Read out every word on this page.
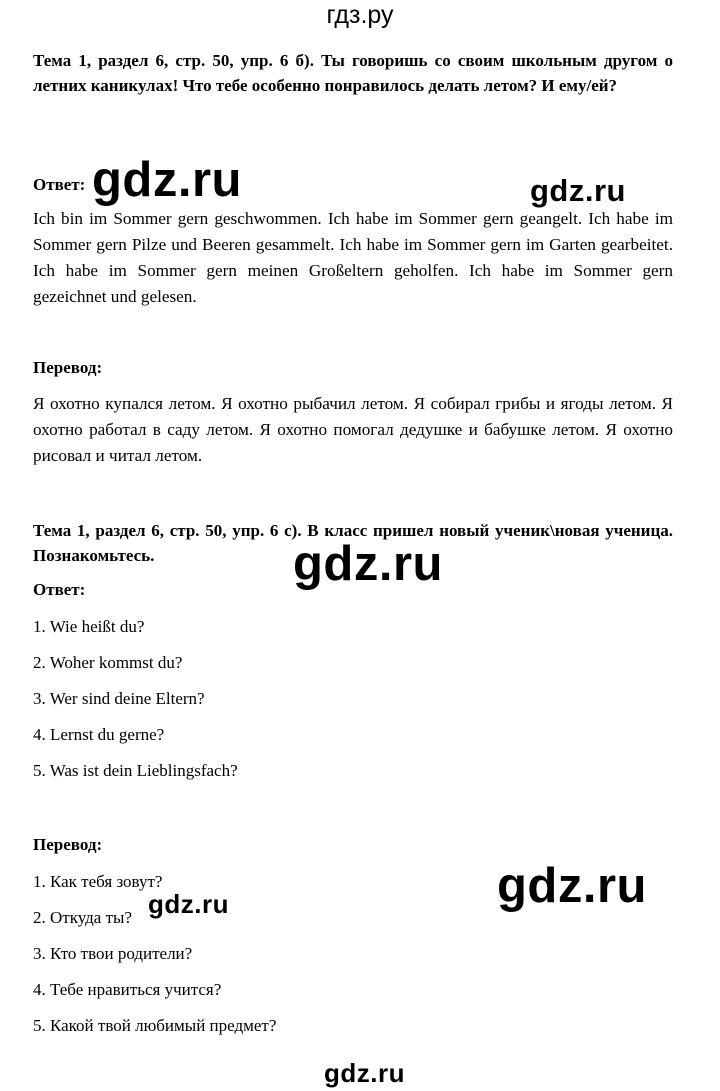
гдз.ру
Тема 1, раздел 6, стр. 50, упр. 6 б). Ты говоришь со своим школьным другом о летних каникулах! Что тебе особенно понравилось делать летом? И ему/ей?
Ответ:
Ich bin im Sommer gern geschwommen. Ich habe im Sommer gern geangelt. Ich habe im Sommer gern Pilze und Beeren gesammelt. Ich habe im Sommer gern im Garten gearbeitet. Ich habe im Sommer gern meinen Großeltern geholfen. Ich habe im Sommer gern gezeichnet und gelesen.
Перевод:
Я охотно купался летом. Я охотно рыбачил летом. Я собирал грибы и ягоды летом. Я охотно работал в саду летом. Я охотно помогал дедушке и бабушке летом. Я охотно рисовал и читал летом.
Тема 1, раздел 6, стр. 50, упр. 6 c). В класс пришел новый ученик\новая ученица. Познакомьтесь.
Ответ:
1. Wie heißt du?
2. Woher kommst du?
3. Wer sind deine Eltern?
4. Lernst du gerne?
5. Was ist dein Lieblingsfach?
Перевод:
1. Как тебя зовут?
2. Откуда ты?
3. Кто твои родители?
4. Тебе нравиться учится?
5. Какой твой любимый предмет?
gdz.ru	gdz.ru
gdz.ru
gdz.ru
gdz.ru
gdz.ru
